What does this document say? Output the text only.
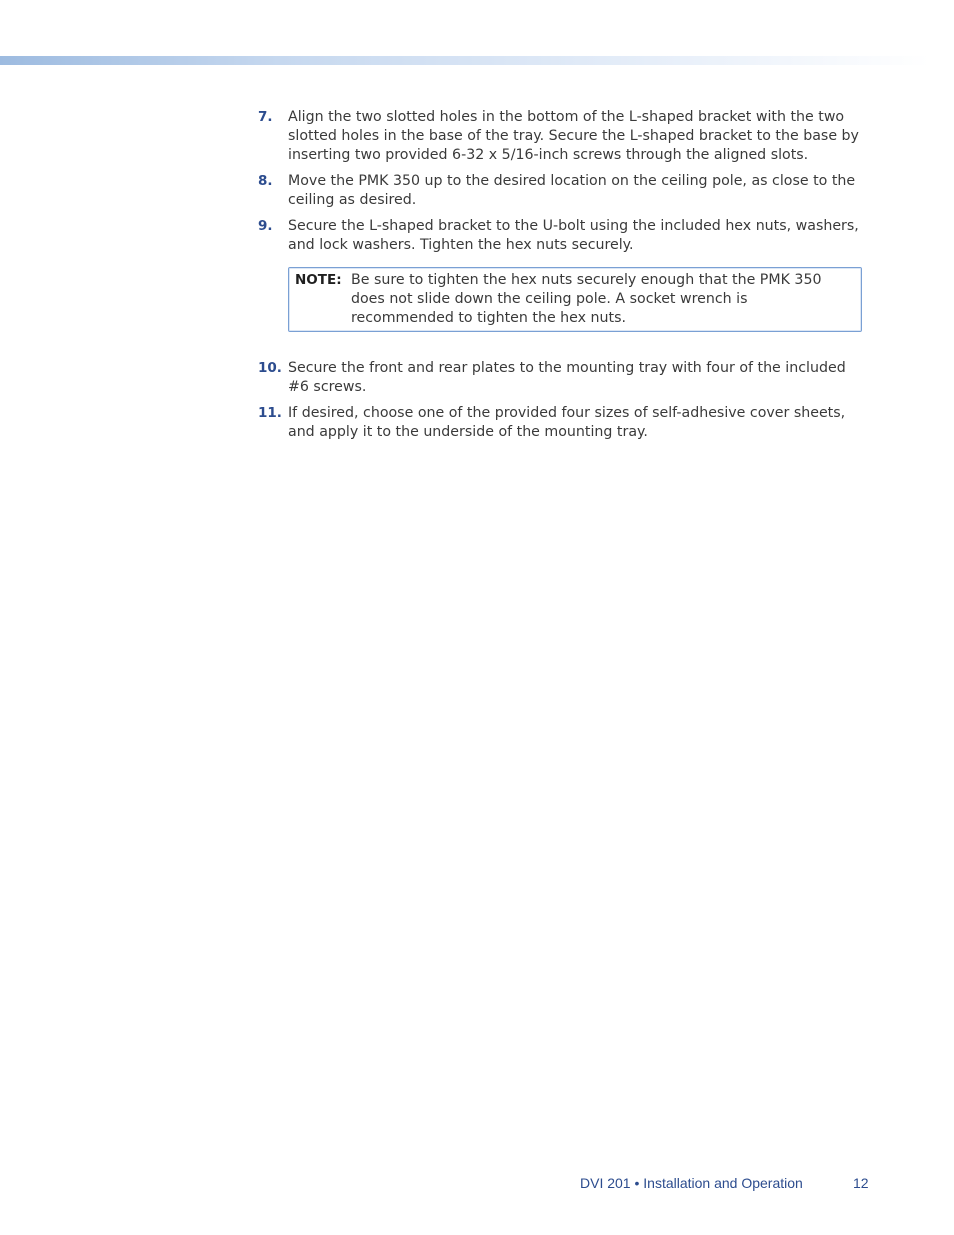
7. Align the two slotted holes in the bottom of the L-shaped bracket with the two slotted holes in the base of the tray. Secure the L-shaped bracket to the base by inserting two provided 6-32 x 5/16-inch screws through the aligned slots.
8. Move the PMK 350 up to the desired location on the ceiling pole, as close to the ceiling as desired.
9. Secure the L-shaped bracket to the U-bolt using the included hex nuts, washers, and lock washers. Tighten the hex nuts securely.
NOTE: Be sure to tighten the hex nuts securely enough that the PMK 350 does not slide down the ceiling pole. A socket wrench is recommended to tighten the hex nuts.
10. Secure the front and rear plates to the mounting tray with four of the included #6 screws.
11. If desired, choose one of the provided four sizes of self-adhesive cover sheets, and apply it to the underside of the mounting tray.
DVI 201 • Installation and Operation	12
